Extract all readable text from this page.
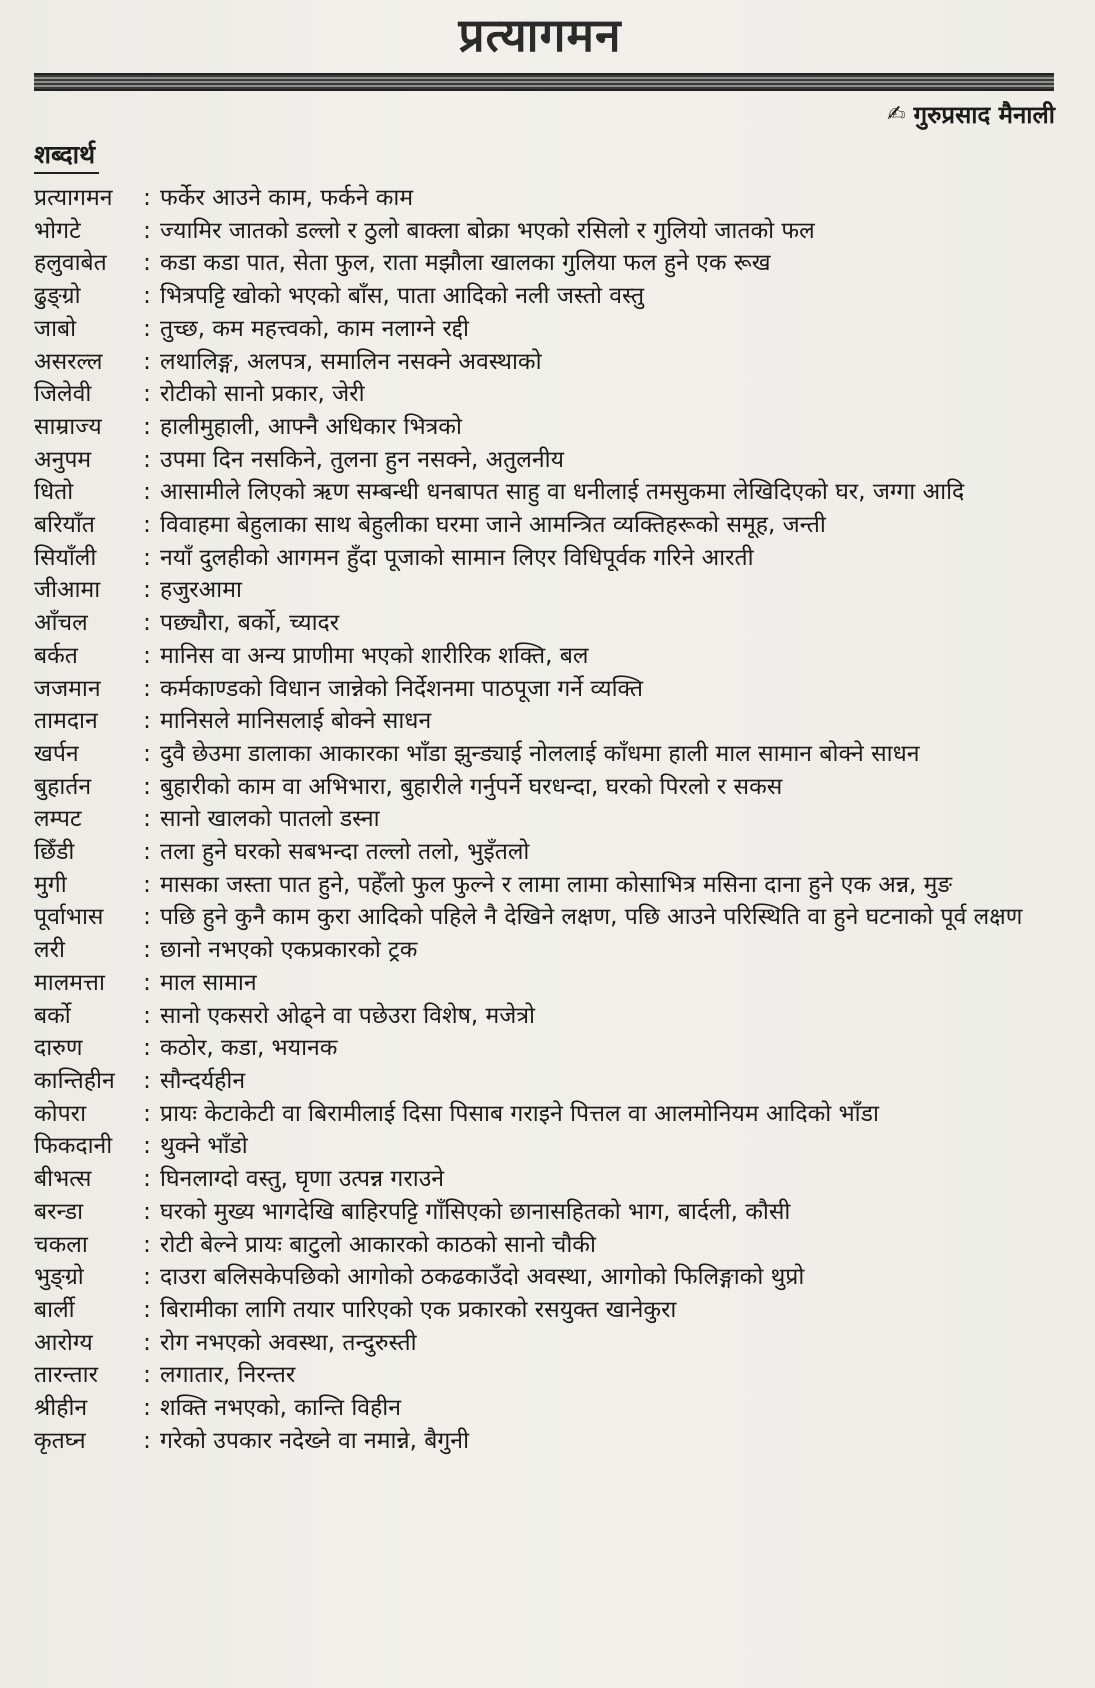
प्रत्यागमन
✍ गुरुप्रसाद मैनाली
शब्दार्थ
प्रत्यागमन	: फर्केर आउने काम, फर्कने काम
भोगटे	: ज्यामिर जातको डल्लो र ठुलो बाक्ला बोक्रा भएको रसिलो र गुलियो जातको फल
हलुवाबेत	: कडा कडा पात, सेता फुल, राता मझौला खालका गुलिया फल हुने एक रूख
ढुङ्ग्रो	: भित्रपट्टि खोको भएको बाँस, पाता आदिको नली जस्तो वस्तु
जाबो	: तुच्छ, कम महत्त्वको, काम नलाग्ने रद्दी
असरल्ल	: लथालिङ्ग, अलपत्र, समालिन नसक्ने अवस्थाको
जिलेवी	: रोटीको सानो प्रकार, जेरी
साम्राज्य	: हालीमुहाली, आफ्नै अधिकार भित्रको
अनुपम	: उपमा दिन नसकिने, तुलना हुन नसक्ने, अतुलनीय
धितो	: आसामीले लिएको ऋण सम्बन्धी धनबापत साहु वा धनीलाई तमसुकमा लेखिदिएको घर, जग्गा आदि
बरियाँत	: विवाहमा बेहुलाका साथ बेहुलीका घरमा जाने आमन्त्रित व्यक्तिहरूको समूह, जन्ती
सियाँली	: नयाँ दुलहीको आगमन हुँदा पूजाको सामान लिएर विधिपूर्वक गरिने आरती
जीआमा	: हजुरआमा
आँचल	: पछ्यौरा, बर्को, च्यादर
बर्कत	: मानिस वा अन्य प्राणीमा भएको शारीरिक शक्ति, बल
जजमान	: कर्मकाण्डको विधान जान्नेको निर्देशनमा पाठपूजा गर्ने व्यक्ति
तामदान	: मानिसले मानिसलाई बोक्ने साधन
खर्पन	: दुवै छेउमा डालाका आकारका भाँडा झुन्ड्याई नोललाई काँधमा हाली माल सामान बोक्ने साधन
बुहार्तन	: बुहारीको काम वा अभिभारा, बुहारीले गर्नुपर्ने घरधन्दा, घरको पिरलो र सकस
लम्पट	: सानो खालको पातलो डस्ना
छिँडी	: तला हुने घरको सबभन्दा तल्लो तलो, भुइँतलो
मुगी	: मासका जस्ता पात हुने, पहेँलो फुल फुल्ने र लामा लामा कोसाभित्र मसिना दाना हुने एक अन्न, मुङ
पूर्वाभास	: पछि हुने कुनै काम कुरा आदिको पहिले नै देखिने लक्षण, पछि आउने परिस्थिति वा हुने घटनाको पूर्व लक्षण
लरी	: छानो नभएको एकप्रकारको ट्रक
मालमत्ता	: माल सामान
बर्को	: सानो एकसरो ओढ्ने वा पछेउरा विशेष, मजेत्रो
दारुण	: कठोर, कडा, भयानक
कान्तिहीन	: सौन्दर्यहीन
कोपरा	: प्रायः केटाकेटी वा बिरामीलाई दिसा पिसाब गराइने पित्तल वा आलमोनियम आदिको भाँडा
फिकदानी	: थुक्ने भाँडो
बीभत्स	: घिनलाग्दो वस्तु, घृणा उत्पन्न गराउने
बरन्डा	: घरको मुख्य भागदेखि बाहिरपट्टि गाँसिएको छानासहितको भाग, बार्दली, कौसी
चकला	: रोटी बेल्ने प्रायः बाटुलो आकारको काठको सानो चौकी
भुङ्ग्रो	: दाउरा बलिसकेपछिको आगोको ठकढकाउँदो अवस्था, आगोको फिलिङ्गाको थुप्रो
बार्ली	: बिरामीका लागि तयार पारिएको एक प्रकारको रसयुक्त खानेकुरा
आरोग्य	: रोग नभएको अवस्था, तन्दुरुस्ती
तारन्तार	: लगातार, निरन्तर
श्रीहीन	: शक्ति नभएको, कान्ति विहीन
कृतघ्न	: गरेको उपकार नदेख्ने वा नमान्ने, बैगुनी
